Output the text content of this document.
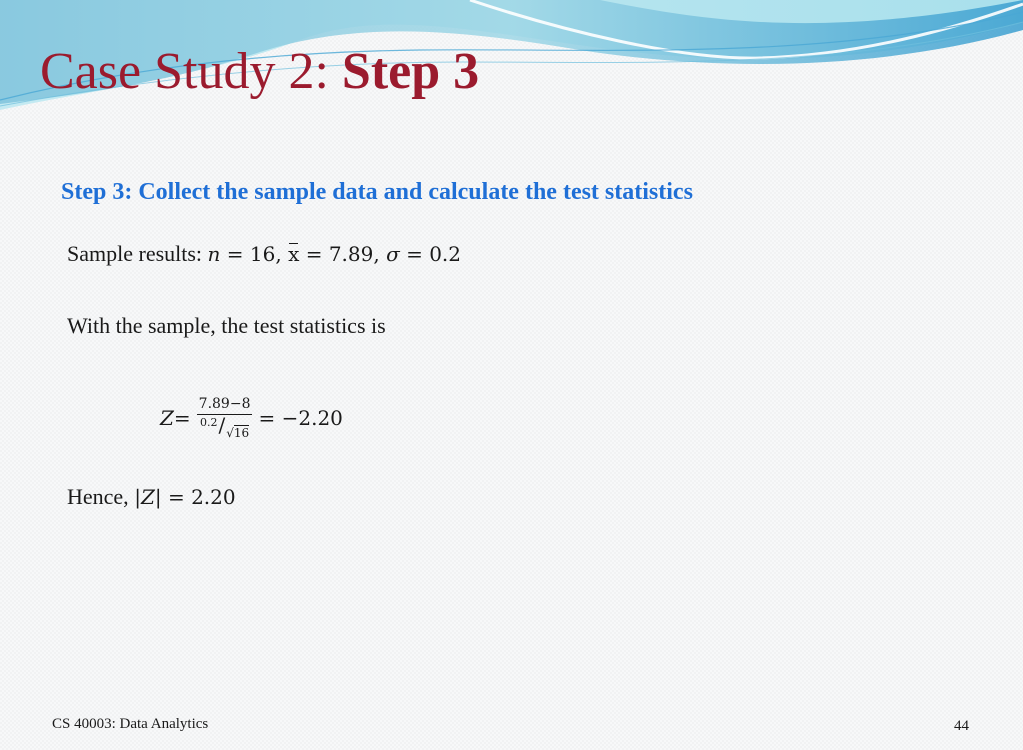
Case Study 2: Step 3
Step 3: Collect the sample data and calculate the test statistics
Sample results: n = 16, x = 7.89, σ = 0.2
With the sample, the test statistics is
$Z = \frac{7.89-8}{0.2 / √16} = -2.20$
Hence, |Z| = 2.20
CS 40003: Data Analytics	44
